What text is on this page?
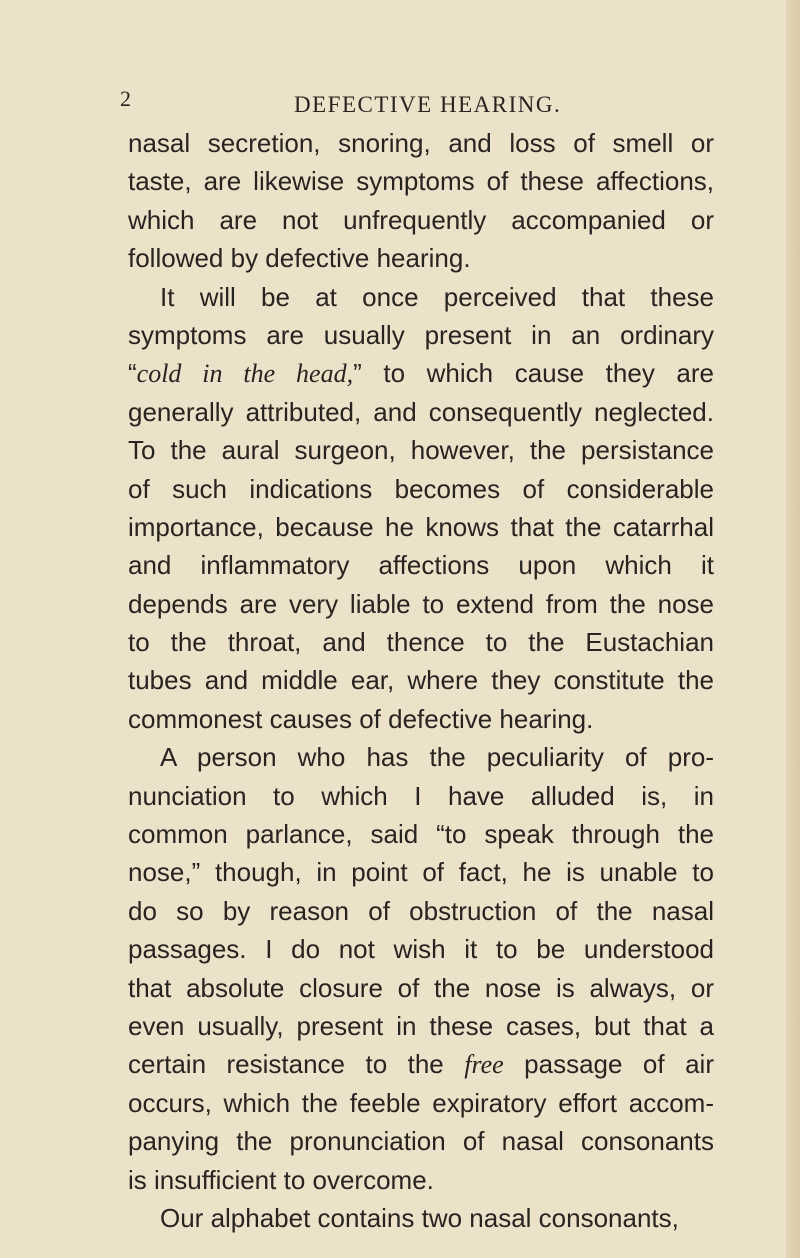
2	DEFECTIVE HEARING.
nasal secretion, snoring, and loss of smell or
taste, are likewise symptoms of these affections,
which are not unfrequently accompanied or
followed by defective hearing.
It will be at once perceived that these
symptoms are usually present in an ordinary
“cold in the head,” to which cause they are
generally attributed, and consequently neglected.
To the aural surgeon, however, the persistance
of such indications becomes of considerable
importance, because he knows that the catarrhal
and inflammatory affections upon which it
depends are very liable to extend from the nose
to the throat, and thence to the Eustachian
tubes and middle ear, where they constitute the
commonest causes of defective hearing.
A person who has the peculiarity of pro-
nunciation to which I have alluded is, in
common parlance, said “to speak through the
nose,” though, in point of fact, he is unable to
do so by reason of obstruction of the nasal
passages. I do not wish it to be understood
that absolute closure of the nose is always, or
even usually, present in these cases, but that a
certain resistance to the free passage of air
occurs, which the feeble expiratory effort accom-
panying the pronunciation of nasal consonants
is insufficient to overcome.
Our alphabet contains two nasal consonants,
